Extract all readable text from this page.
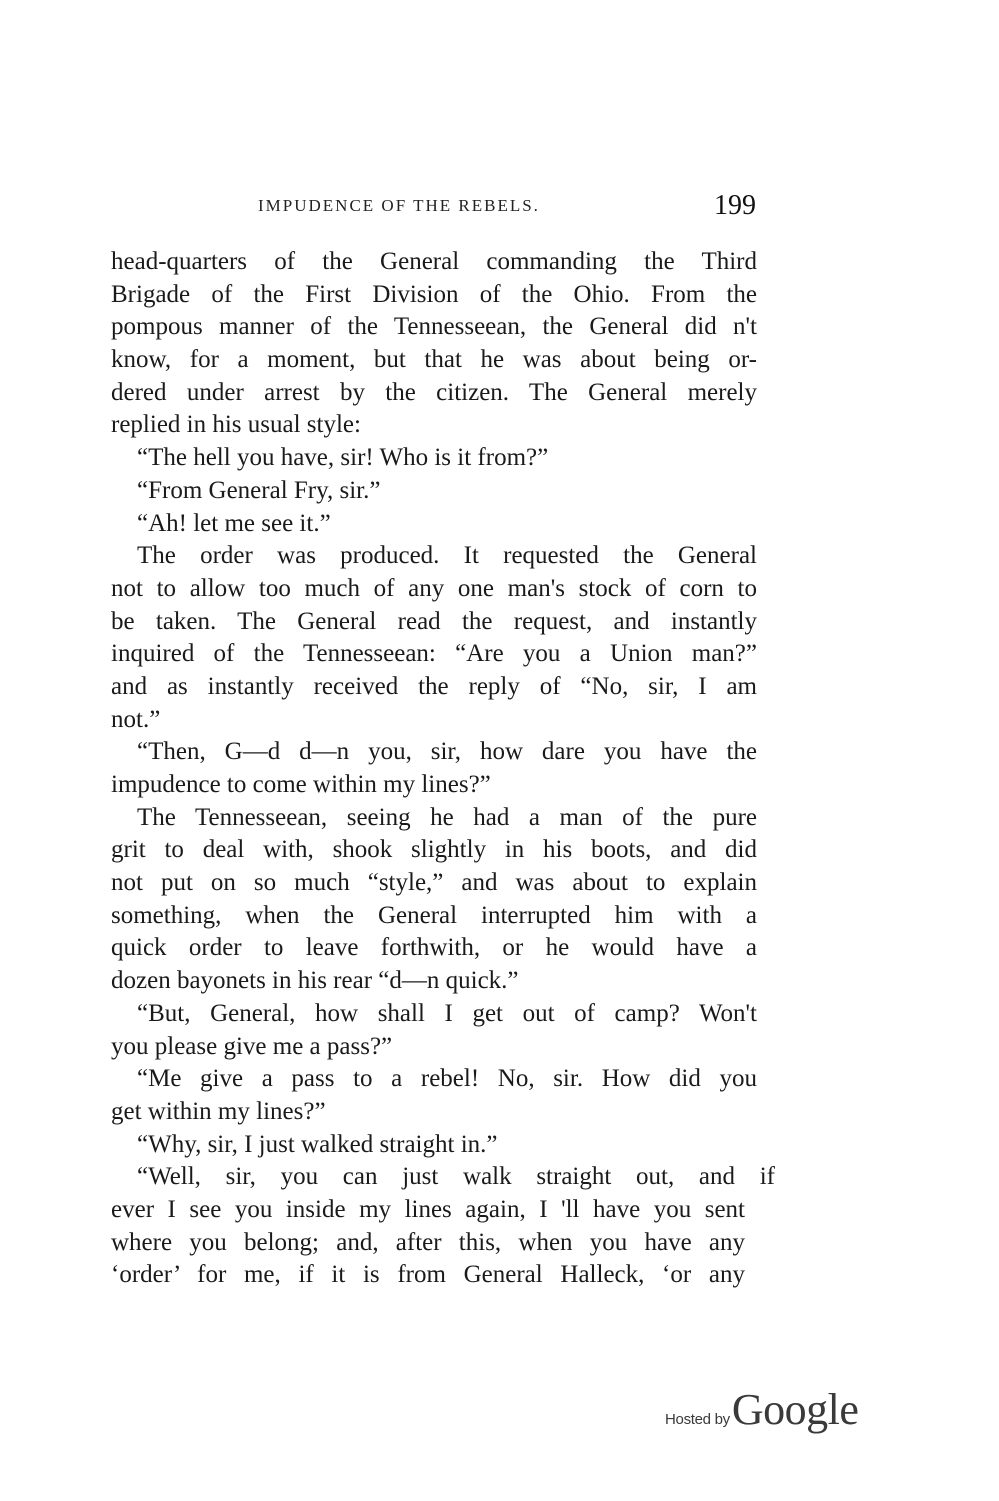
IMPUDENCE OF THE REBELS.	199
head-quarters of the General commanding the Third
Brigade of the First Division of the Ohio. From the
pompous manner of the Tennesseean, the General did n't
know, for a moment, but that he was about being or-
dered under arrest by the citizen. The General merely
replied in his usual style:
“The hell you have, sir! Who is it from?”
“From General Fry, sir.”
“Ah! let me see it.”
The order was produced. It requested the General
not to allow too much of any one man's stock of corn to
be taken. The General read the request, and instantly
inquired of the Tennesseean: “Are you a Union man?”
and as instantly received the reply of “No, sir, I am
not.”
“Then, G—d d—n you, sir, how dare you have the
impudence to come within my lines?”
The Tennesseean, seeing he had a man of the pure
grit to deal with, shook slightly in his boots, and did
not put on so much “style,” and was about to explain
something, when the General interrupted him with a
quick order to leave forthwith, or he would have a
dozen bayonets in his rear “d—n quick.”
“But, General, how shall I get out of camp? Won't
you please give me a pass?”
“Me give a pass to a rebel! No, sir. How did you
get within my lines?”
“Why, sir, I just walked straight in.”
“Well, sir, you can just walk straight out, and if
ever I see you inside my lines again, I 'll have you sent
where you belong; and, after this, when you have any
‘order’ for me, if it is from General Halleck, ‘or any
Hosted by Google
